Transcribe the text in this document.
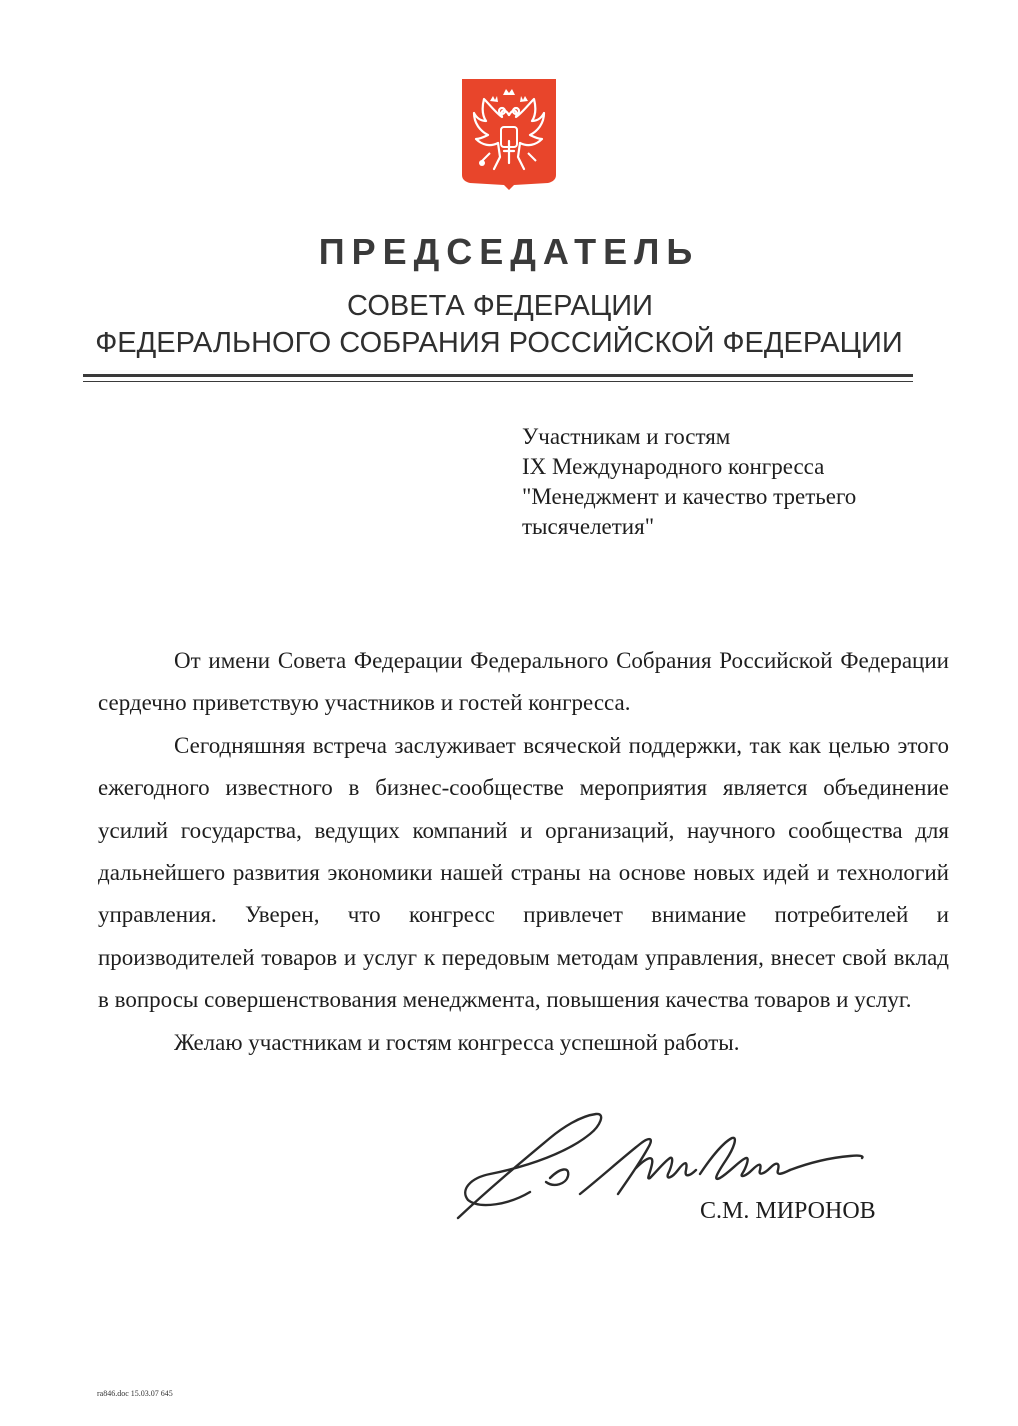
ПРЕДСЕДАТЕЛЬ
СОВЕТА ФЕДЕРАЦИИ
ФЕДЕРАЛЬНОГО СОБРАНИЯ РОССИЙСКОЙ ФЕДЕРАЦИИ
Участникам и гостям
IX Международного конгресса
"Менеджмент и качество третьего
тысячелетия"

От имени Совета Федерации Федерального Собрания Российской Федерации сердечно приветствую участников и гостей конгресса.

Сегодняшняя встреча заслуживает всяческой поддержки, так как целью этого ежегодного известного в бизнес-сообществе мероприятия является объединение усилий государства, ведущих компаний и организаций, научного сообщества для дальнейшего развития экономики нашей страны на основе новых идей и технологий управления. Уверен, что конгресс привлечет внимание потребителей и производителей товаров и услуг к передовым методам управления, внесет свой вклад в вопросы совершенствования менеджмента, повышения качества товаров и услуг.

Желаю участникам и гостям конгресса успешной работы.

С.М. МИРОНОВ
ra846.doc 15.03.07 645
